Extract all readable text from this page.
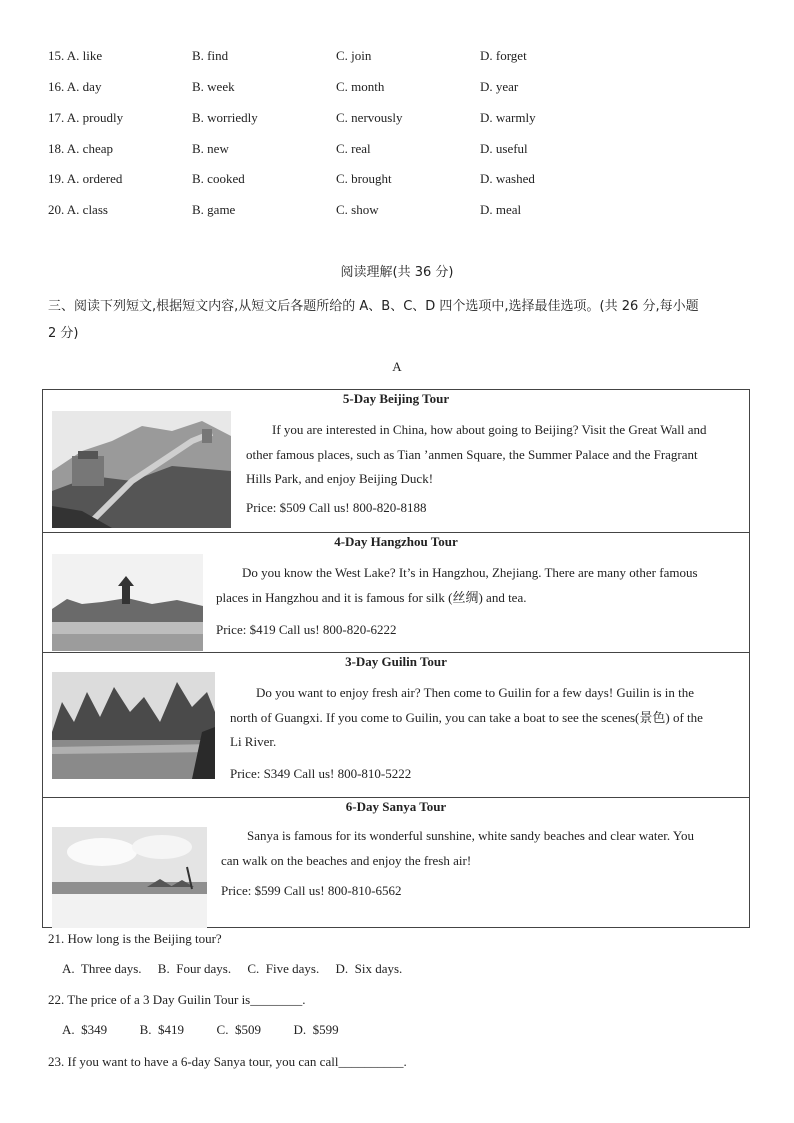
15. A. like	B. find	C. join	D. forget
16. A. day	B. week	C. month	D. year
17. A. proudly	B. worriedly	C. nervously	D. warmly
18. A. cheap	B. new	C. real	D. useful
19. A. ordered	B. cooked	C. brought	D. washed
20. A. class	B. game	C. show	D. meal
阅读理解(共 36 分)
三、阅读下列短文,根据短文内容,从短文后各题所给的 A、B、C、D 四个选项中,选择最佳选项。(共 26 分,每小题
2 分)
A
5-Day Beijing Tour
If you are interested in China, how about going to Beijing? Visit the Great Wall and
other famous places, such as Tian ’anmen Square, the Summer Palace and the Fragrant
Hills Park, and enjoy Beijing Duck!
Price: $509 Call us! 800-820-8188
4-Day Hangzhou Tour
Do you know the West Lake? It’s in Hangzhou, Zhejiang. There are many other famous
places in Hangzhou and it is famous for silk (丝绸) and tea.
Price: $419 Call us! 800-820-6222
3-Day Guilin Tour
Do you want to enjoy fresh air? Then come to Guilin for a few days! Guilin is in the
north of Guangxi. If you come to Guilin, you can take a boat to see the scenes(景色) of the
Li River.
Price: S349 Call us! 800-810-5222
6-Day Sanya Tour
Sanya is famous for its wonderful sunshine, white sandy beaches and clear water. You
can walk on the beaches and enjoy the fresh air!
Price: $599 Call us! 800-810-6562
21. How long is the Beijing tour?
A.  Three days.     B.  Four days.     C.  Five days.     D.  Six days.
22. The price of a 3 Day Guilin Tour is________.
A.  $349          B.  $419          C.  $509          D.  $599
23. If you want to have a 6-day Sanya tour, you can call__________.
